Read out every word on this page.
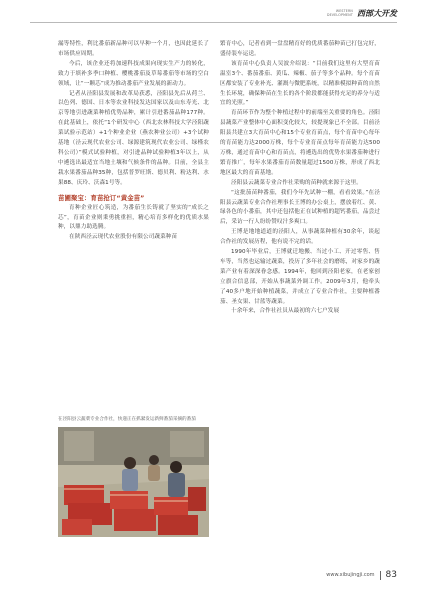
WESTERN
DEVELOPMENT 西部大开发

漏等特性，利比番茄新品种可以早种一个月，也因此延长了市场供应周期。

今后，该企业还将加速科技成果向现实生产力的转化，致力于填补多季口种植、樱桃番茄及草莓番茄等市场的空白领域，让“一颗芯”成为推动番茄产业发展的新动力。

记者从泾阳县发展和改革局获悉，泾阳县先后从荷兰、以色列、德国、日本等农业科技发达国家以及山东寿光、北京等地引进蔬菜种植优势品种，累计引进番茄品种177种。在此基础上，依托“1个研发中心（西北农林科技大学泾阳蔬菜试验示范站）+1个种业企业（燕农种业公司）+3个试种基地（泾云现代农业公司、绿源建筑现代农业公司、绿槿农科公司）”模式试验种植，对引进品种试验种植3年以上，从中遴选出最适宜当地土壤和气候条件的品种。目前，全县主栽水果番茄品种35种，包括普罗旺斯、德贝利、粉达利、水果88、庆玲、沃森1号等。

苗圃聚宝：育苗抢订“黄金苗”

育种企业匠心筑造，为番茄生长铸就了坚实的“成长之芯”，育苗企业则秉勇挑重担，精心培育多样化的优质水果种，以鼎力助选腾。

在陕西泾云现代农业股份有限公司蔬菜种苗

在泾阳县云蔬菜专业合作社，快递正在抓紧发运新鲜番茄采摘的番茄

繁育中心，记者看到一盘盘精育好的优质番茄种苗已打包完好，盛待装车运送。

该育苗中心负责人吴波介绍说：“目前我们这里有大型育苗温室3个、番茄番茄、黄瓜、辣椒、茄子等多个品种。每个育苗区都安装了专业补光、灌溉与微肥系统，以精准模拟种苗的自然生长环境，确保种苗在生长的各个阶段都能获得充足的养分与适宜的光照。”

育苗环节作为整个种植过程中的前端至关重要的角色。泾阳县蔬菜产业整体中心面积变化较大，较提现象已不全部。目前泾阳县共建立3大育苗中心和15个专业育苗点，每个育苗中心每年的育苗能力达2000万株，每个专业育苗点每年育苗能力达500万株，通过育苗中心和育苗点，将遴选出的优势水果番茄种进行繁育推广，每年水果番茄育苗数量超过1500万株，形成了西北地区最大的育苗基地。

泾阳县云蔬菜专业合作社采购的苗种就来源于这里。

“这批茄苗种番茄，我们今年先试种一棚，看看效果。”在泾阳县云蔬菜专业合作社理事长王博的办公桌上，摆放着红、黄、绿各色的小番茄，其中还包括他正在试种植的超钙番茄，品尝过后，采访一行人纷纷赞叹汁多爽口。

王博是地地道道的泾阳人，从事蔬菜种植有30余年，谈起合作社的发展历程，他有说不完的话。

1990年毕业后，王博就迁地搬、当过小工、开过零售、售车等，当然也运输过蔬菜，投历了多年社会的磨练，对家乡的蔬菜产业有着深深眷念感。1994年，他回到泾阳老家，在老家创立旗合信息部，开始从事蔬菜外调工作。2009年3月，他牵头了40多户地开始种植蔬菜，并成立了专业合作社，主要种植番茄、圣女果、甘蓝等蔬菜。

十余年来，合作社社员从最初的六七户发展

www.xibujingji.com 83
